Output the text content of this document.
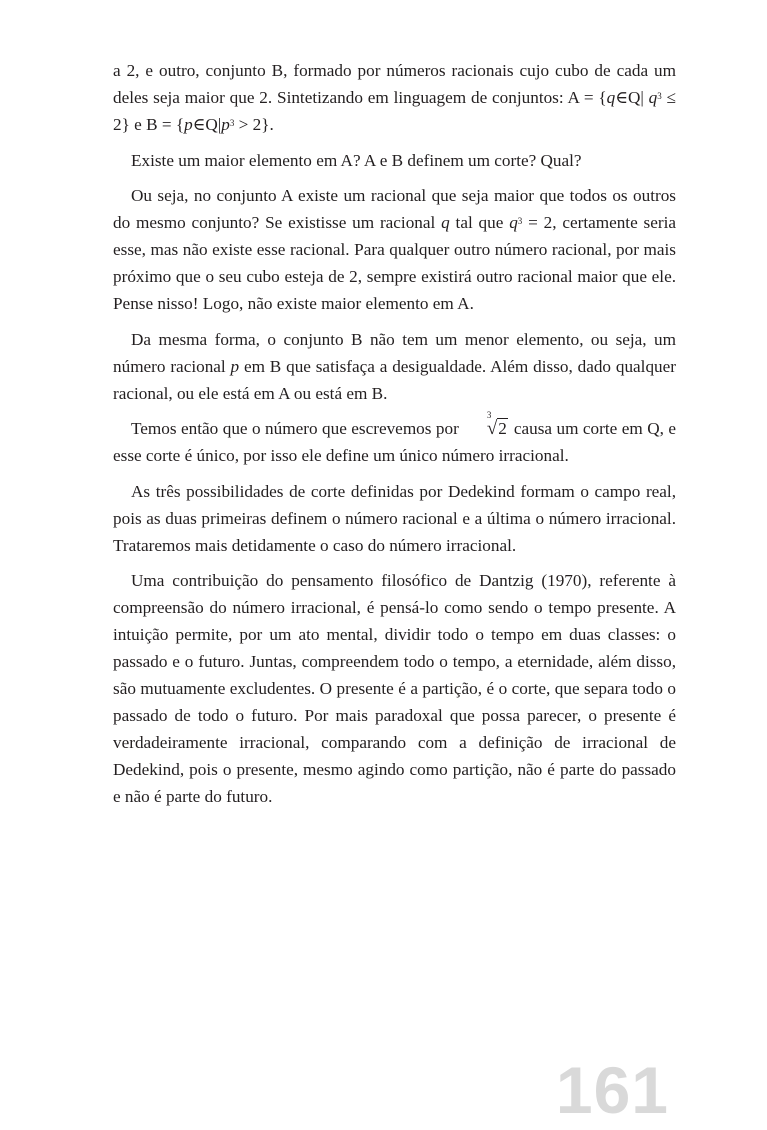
a 2, e outro, conjunto B, formado por números racionais cujo cubo de cada um deles seja maior que 2. Sintetizando em linguagem de conjuntos: A = {q∈Q| $q^3 \le 2$} e $B = \{p\in Q|p^3 > 2\}$.

Existe um maior elemento em A? A e B definem um corte? Qual?

Ou seja, no conjunto A existe um racional que seja maior que todos os outros do mesmo conjunto? Se existisse um racional q tal que $q^3 = 2$, certamente seria esse, mas não existe esse racional. Para qualquer outro número racional, por mais próximo que o seu cubo esteja de 2, sempre existirá outro racional maior que ele. Pense nisso! Logo, não existe maior elemento em A.

Da mesma forma, o conjunto B não tem um menor elemento, ou seja, um número racional p em B que satisfaça a desigualdade. Além disso, dado qualquer racional, ou ele está em A ou está em B.

Temos então que o número que escrevemos por
3
√2 causa um corte em Q, e esse corte é único, por isso ele define um único número irracional.

As três possibilidades de corte definidas por Dedekind formam o campo real, pois as duas primeiras definem o número racional e a última o número irracional. Trataremos mais detidamente o caso do número irracional.

Uma contribuição do pensamento filosófico de Dantzig (1970), referente à compreensão do número irracional, é pensá-lo como sendo o tempo presente. A intuição permite, por um ato mental, dividir todo o tempo em duas classes: o passado e o futuro. Juntas, compreendem todo o tempo, a eternidade, além disso, são mutuamente excludentes. O presente é a partição, é o corte, que separa todo o passado de todo o futuro. Por mais paradoxal que possa parecer, o presente é verdadeiramente irracional, comparando com a definição de irracional de Dedekind, pois o presente, mesmo agindo como partição, não é parte do passado e não é parte do futuro.

161
